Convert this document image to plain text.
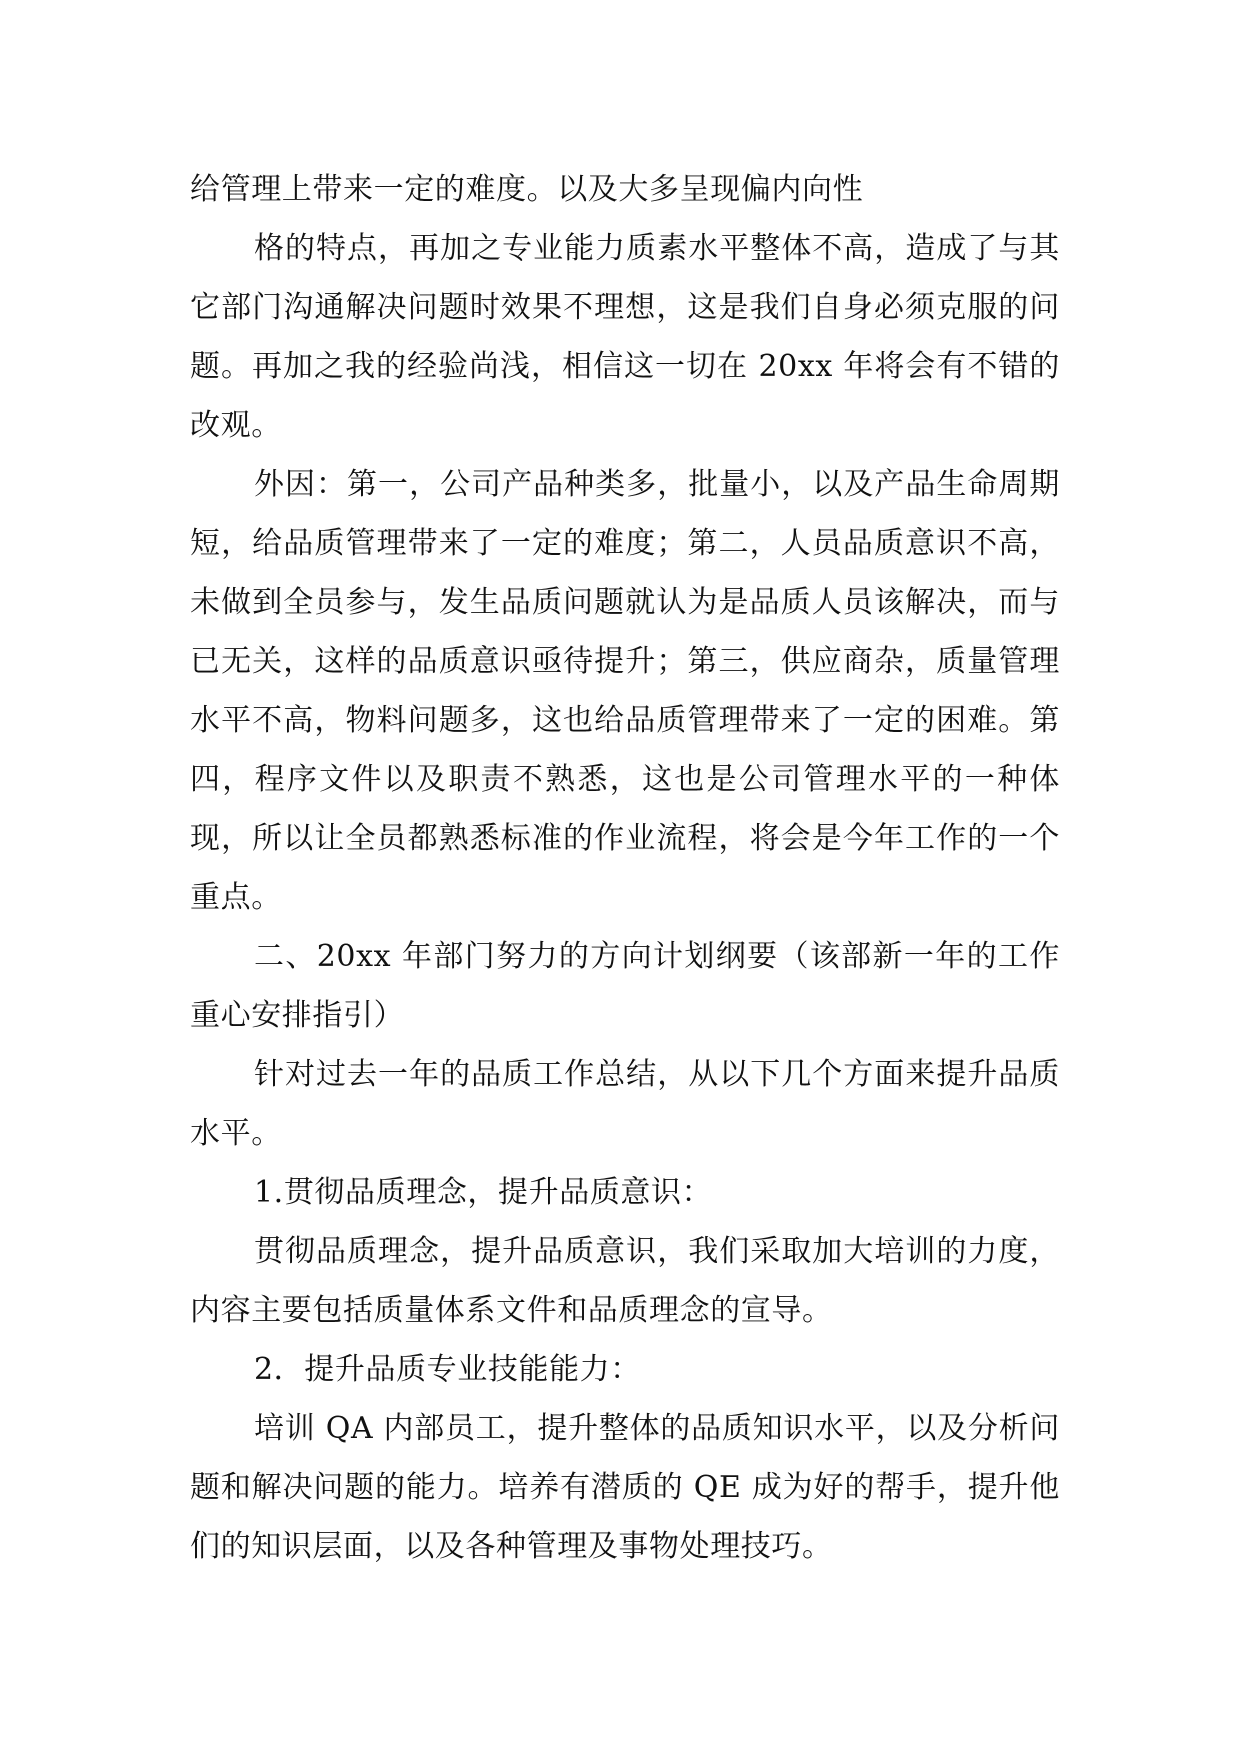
给管理上带来一定的难度。以及大多呈现偏内向性

格的特点，再加之专业能力质素水平整体不高，造成了与其它部门沟通解决问题时效果不理想，这是我们自身必须克服的问题。再加之我的经验尚浅，相信这一切在 20xx 年将会有不错的改观。

外因：第一，公司产品种类多，批量小，以及产品生命周期短，给品质管理带来了一定的难度；第二，人员品质意识不高，未做到全员参与，发生品质问题就认为是品质人员该解决，而与已无关，这样的品质意识亟待提升；第三，供应商杂，质量管理水平不高，物料问题多，这也给品质管理带来了一定的困难。第四，程序文件以及职责不熟悉，这也是公司管理水平的一种体现，所以让全员都熟悉标准的作业流程，将会是今年工作的一个重点。

二、20xx 年部门努力的方向计划纲要（该部新一年的工作重心安排指引）

针对过去一年的品质工作总结，从以下几个方面来提升品质水平。

1.贯彻品质理念，提升品质意识：

贯彻品质理念，提升品质意识，我们采取加大培训的力度，内容主要包括质量体系文件和品质理念的宣导。

2．提升品质专业技能能力：

培训 QA 内部员工，提升整体的品质知识水平，以及分析问题和解决问题的能力。培养有潜质的 QE 成为好的帮手，提升他们的知识层面，以及各种管理及事物处理技巧。
